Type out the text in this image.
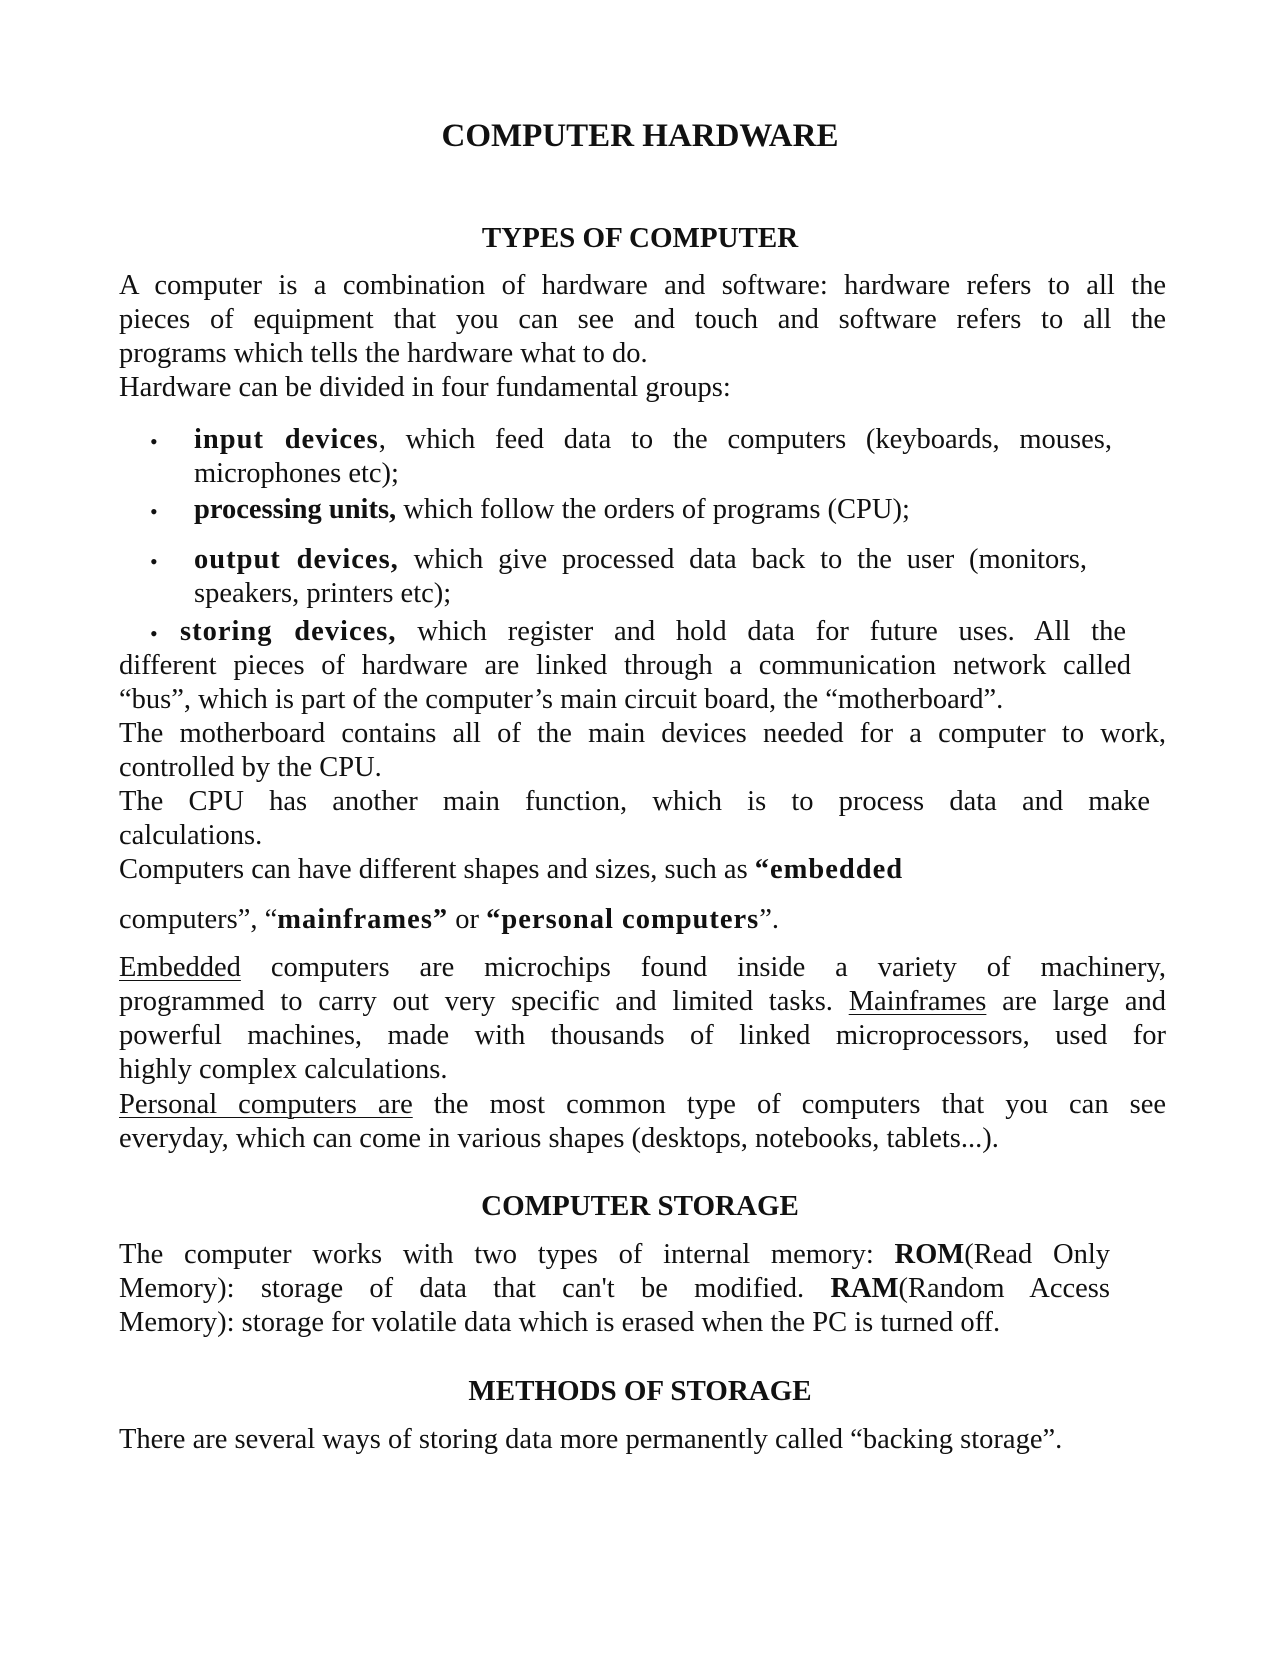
COMPUTER HARDWARE
TYPES OF COMPUTER
A computer is a combination of hardware and software: hardware refers to all the
pieces of equipment that you can see and touch and software refers to all the
programs which tells the hardware what to do.
Hardware can be divided in four fundamental groups:
• input devices, which feed data to the computers (keyboards, mouses,
microphones etc);
• processing units, which follow the orders of programs (CPU);
• output devices, which give processed data back to the user (monitors,
speakers, printers etc);
• storing devices, which register and hold data for future uses. All the
different pieces of hardware are linked through a communication network called
“bus”, which is part of the computer’s main circuit board, the “motherboard”.
The motherboard contains all of the main devices needed for a computer to work,
controlled by the CPU.
The CPU has another main function, which is to process data and make
calculations.
Computers can have different shapes and sizes, such as “embedded
computers”, “mainframes” or “personal computers”.
Embedded computers are microchips found inside a variety of machinery,
programmed to carry out very specific and limited tasks. Mainframes are large and
powerful machines, made with thousands of linked microprocessors, used for
highly complex calculations.
Personal computers are the most common type of computers that you can see
everyday, which can come in various shapes (desktops, notebooks, tablets...).
COMPUTER STORAGE
The computer works with two types of internal memory: ROM(Read Only
Memory): storage of data that can't be modified. RAM(Random Access
Memory): storage for volatile data which is erased when the PC is turned off.
METHODS OF STORAGE
There are several ways of storing data more permanently called “backing storage”.
